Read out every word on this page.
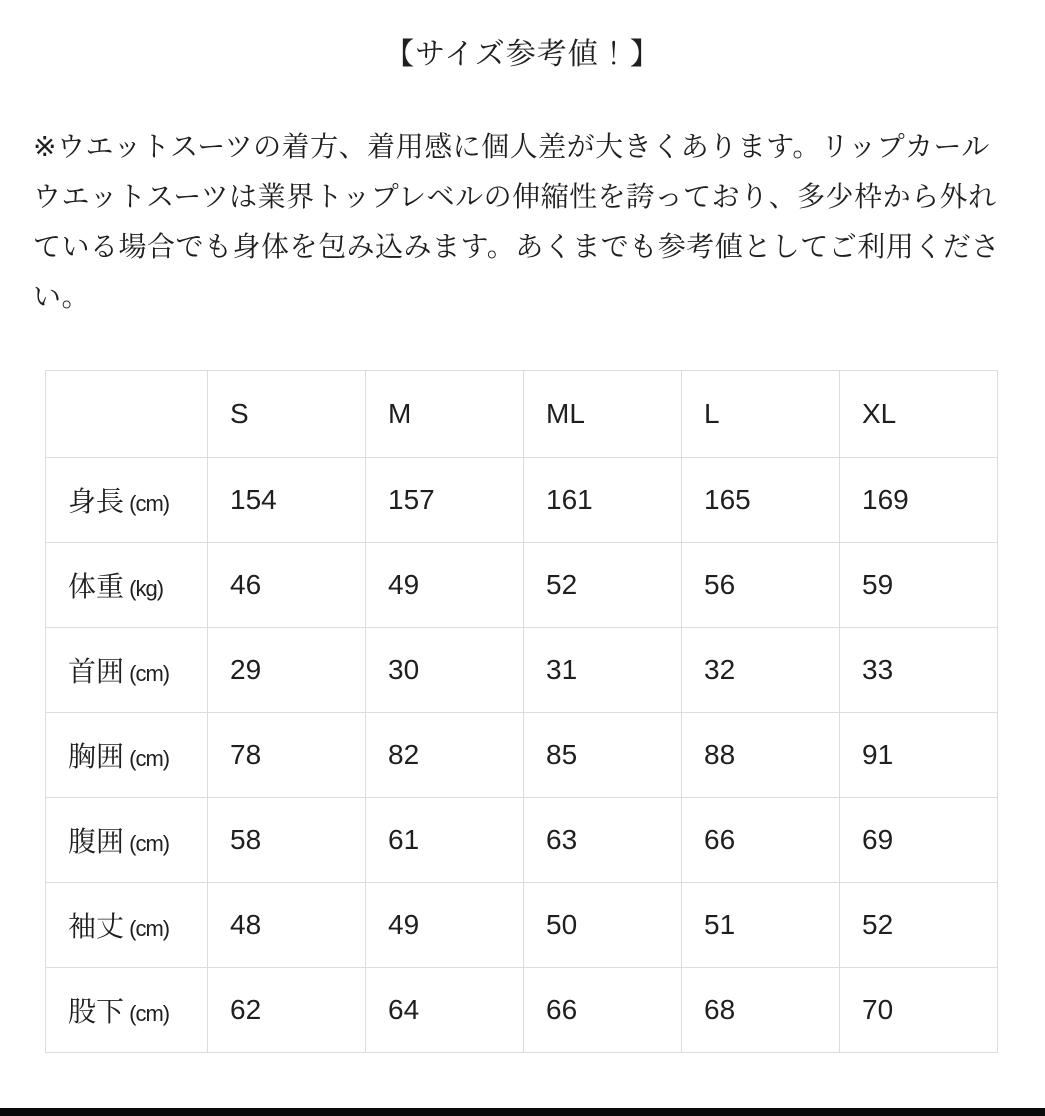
【サイズ参考値！】

※ウエットスーツの着方、着用感に個人差が大きくあります。リップカールウエットスーツは業界トップレベルの伸縮性を誇っており、多少枠から外れている場合でも身体を包み込みます。あくまでも参考値としてご利用ください。

	S	M	ML	L	XL
身長 (cm)	154	157	161	165	169
体重 (kg)	46	49	52	56	59
首囲 (cm)	29	30	31	32	33
胸囲 (cm)	78	82	85	88	91
腹囲 (cm)	58	61	63	66	69
袖丈 (cm)	48	49	50	51	52
股下 (cm)	62	64	66	68	70
